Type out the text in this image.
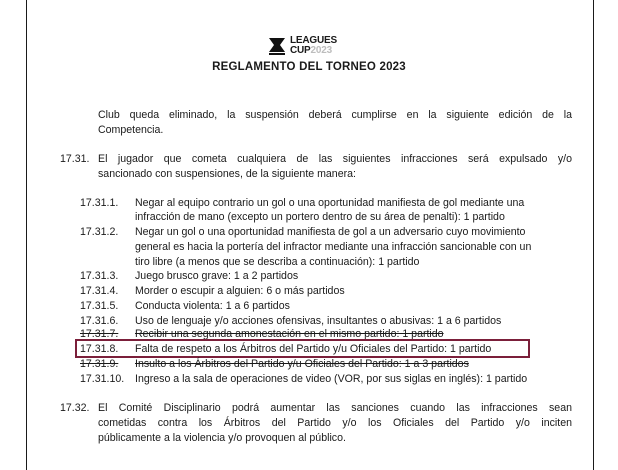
LEAGUES
CUP2023
REGLAMENTO DEL TORNEO 2023
Club queda eliminado, la suspensión deberá cumplirse en la siguiente edición de la
Competencia.
17.31. El jugador que cometa cualquiera de las siguientes infracciones será expulsado y/o
sancionado con suspensiones, de la siguiente manera:
17.31.1. Negar al equipo contrario un gol o una oportunidad manifiesta de gol mediante una
infracción de mano (excepto un portero dentro de su área de penalti): 1 partido
17.31.2. Negar un gol o una oportunidad manifiesta de gol a un adversario cuyo movimiento
general es hacia la portería del infractor mediante una infracción sancionable con un
tiro libre (a menos que se describa a continuación): 1 partido
17.31.3. Juego brusco grave: 1 a 2 partidos
17.31.4. Morder o escupir a alguien: 6 o más partidos
17.31.5. Conducta violenta: 1 a 6 partidos
17.31.6. Uso de lenguaje y/o acciones ofensivas, insultantes o abusivas: 1 a 6 partidos
17.31.7. Recibir una segunda amonestación en el mismo partido: 1 partido
17.31.8. Falta de respeto a los Árbitros del Partido y/u Oficiales del Partido: 1 partido
17.31.9. Insulto a los Árbitros del Partido y/u Oficiales del Partido: 1 a 3 partidos
17.31.10. Ingreso a la sala de operaciones de video (VOR, por sus siglas en inglés): 1 partido
17.32. El Comité Disciplinario podrá aumentar las sanciones cuando las infracciones sean
cometidas contra los Árbitros del Partido y/o los Oficiales del Partido y/o inciten
públicamente a la violencia y/o provoquen al público.
